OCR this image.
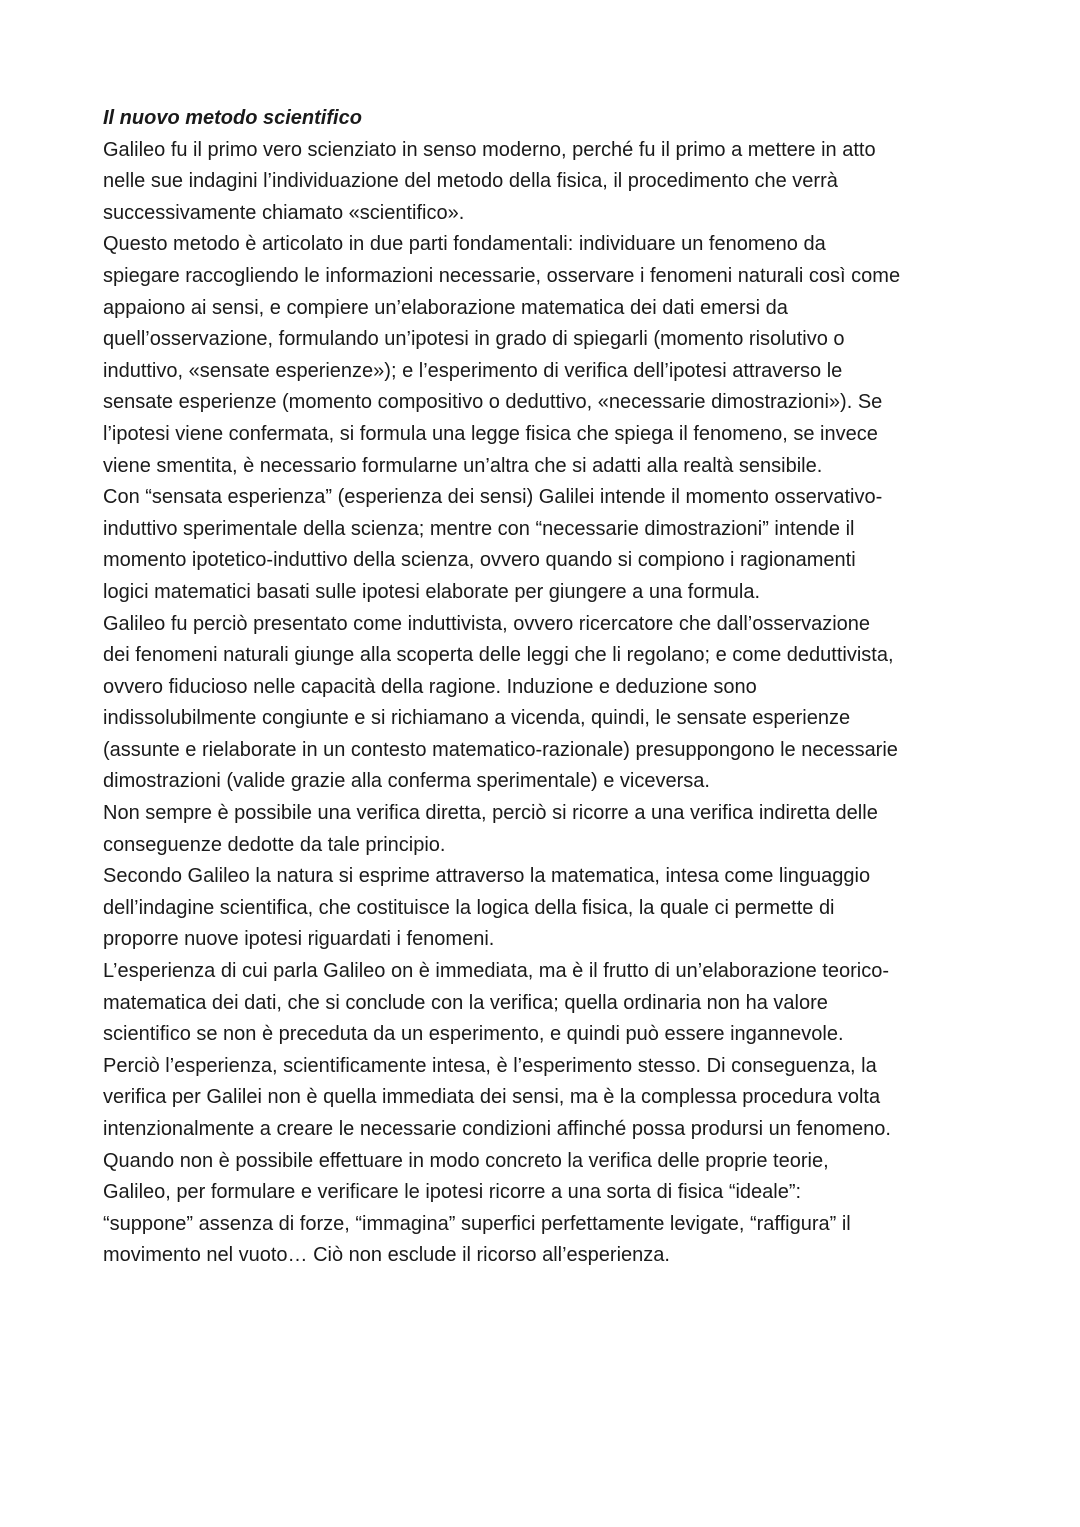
Il nuovo metodo scientifico
Galileo fu il primo vero scienziato in senso moderno, perché fu il primo a mettere in atto
nelle sue indagini l’individuazione del metodo della fisica, il procedimento che verrà
successivamente chiamato «scientifico».
Questo metodo è articolato in due parti fondamentali: individuare un fenomeno da
spiegare raccogliendo le informazioni necessarie, osservare i fenomeni naturali così come
appaiono ai sensi, e compiere un’elaborazione matematica dei dati emersi da
quell’osservazione, formulando un’ipotesi in grado di spiegarli (momento risolutivo o
induttivo, «sensate esperienze»); e l’esperimento di verifica dell’ipotesi attraverso le
sensate esperienze (momento compositivo o deduttivo, «necessarie dimostrazioni»). Se
l’ipotesi viene confermata, si formula una legge fisica che spiega il fenomeno, se invece
viene smentita, è necessario formularne un’altra che si adatti alla realtà sensibile.
Con “sensata esperienza” (esperienza dei sensi) Galilei intende il momento osservativo-
induttivo sperimentale della scienza; mentre con “necessarie dimostrazioni” intende il
momento ipotetico-induttivo della scienza, ovvero quando si compiono i ragionamenti
logici matematici basati sulle ipotesi elaborate per giungere a una formula.
Galileo fu perciò presentato come induttivista, ovvero ricercatore che dall’osservazione
dei fenomeni naturali giunge alla scoperta delle leggi che li regolano; e come deduttivista,
ovvero fiducioso nelle capacità della ragione. Induzione e deduzione sono
indissolubilmente congiunte e si richiamano a vicenda, quindi, le sensate esperienze
(assunte e rielaborate in un contesto matematico-razionale) presuppongono le necessarie
dimostrazioni (valide grazie alla conferma sperimentale) e viceversa.
Non sempre è possibile una verifica diretta, perciò si ricorre a una verifica indiretta delle
conseguenze dedotte da tale principio.
Secondo Galileo la natura si esprime attraverso la matematica, intesa come linguaggio
dell’indagine scientifica, che costituisce la logica della fisica, la quale ci permette di
proporre nuove ipotesi riguardati i fenomeni.
L’esperienza di cui parla Galileo on è immediata, ma è il frutto di un’elaborazione teorico-
matematica dei dati, che si conclude con la verifica; quella ordinaria non ha valore
scientifico se non è preceduta da un esperimento, e quindi può essere ingannevole.
Perciò l’esperienza, scientificamente intesa, è l’esperimento stesso. Di conseguenza, la
verifica per Galilei non è quella immediata dei sensi, ma è la complessa procedura volta
intenzionalmente a creare le necessarie condizioni affinché possa prodursi un fenomeno.
Quando non è possibile effettuare in modo concreto la verifica delle proprie teorie,
Galileo, per formulare e verificare le ipotesi ricorre a una sorta di fisica “ideale”:
“suppone” assenza di forze, “immagina” superfici perfettamente levigate, “raffigura” il
movimento nel vuoto… Ciò non esclude il ricorso all’esperienza.
